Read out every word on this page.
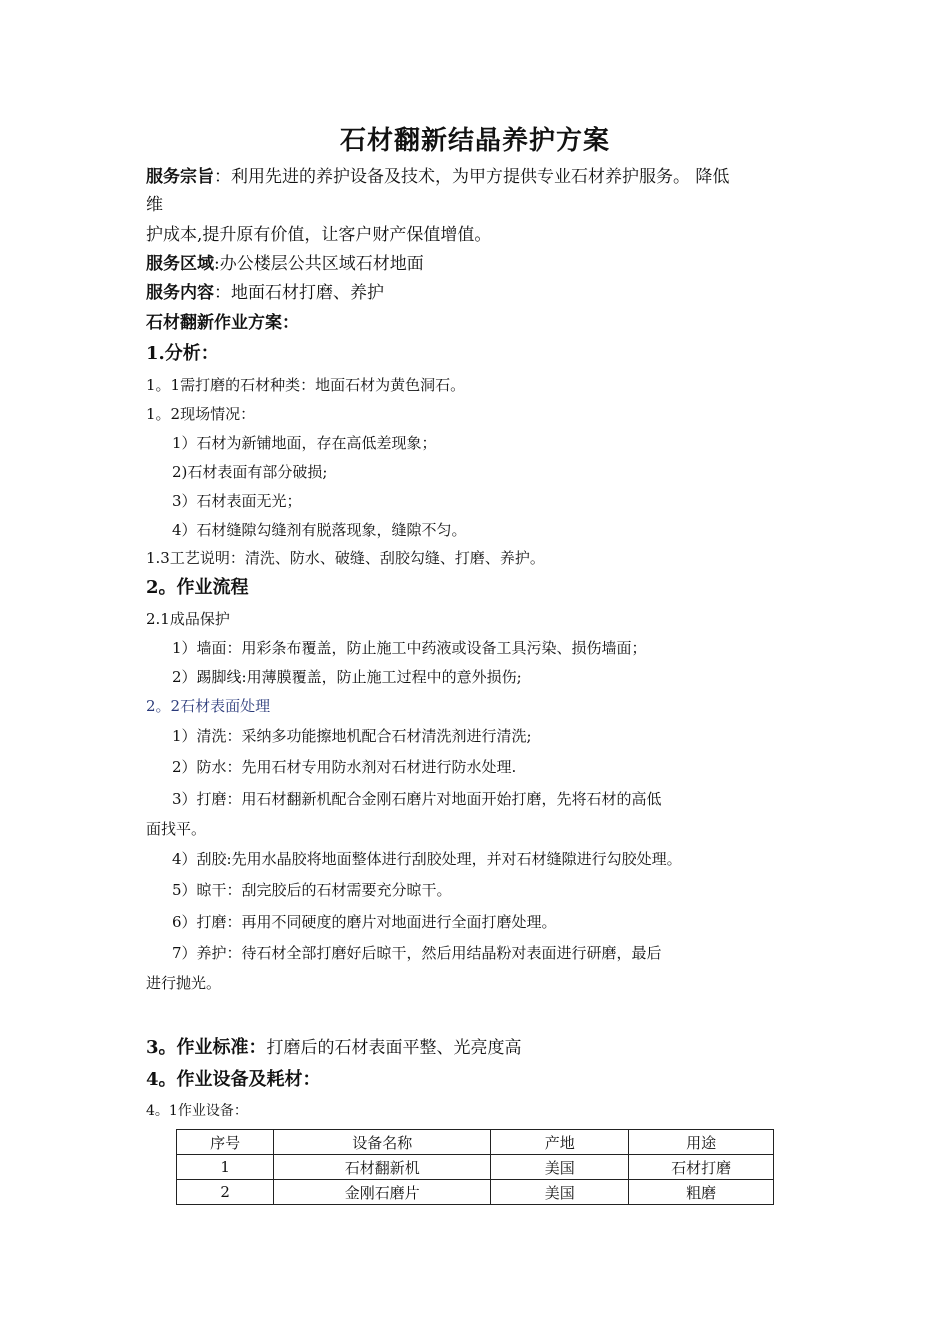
石材翻新结晶养护方案
服务宗旨：利用先进的养护设备及技术，为甲方提供专业石材养护服务。 降低
维
护成本,提升原有价值，让客户财产保值增值。
服务区域:办公楼层公共区域石材地面
服务内容：地面石材打磨、养护
石材翻新作业方案：
1.分析：
1。1需打磨的石材种类：地面石材为黄色洞石。
1。2现场情况：
1）石材为新铺地面，存在高低差现象；
2)石材表面有部分破损;
3）石材表面无光；
4）石材缝隙勾缝剂有脱落现象，缝隙不匀。
1.3工艺说明：清洗、防水、破缝、刮胶勾缝、打磨、养护。
2。作业流程
2.1成品保护
1）墙面：用彩条布覆盖，防止施工中药液或设备工具污染、损伤墙面；
2）踢脚线:用薄膜覆盖，防止施工过程中的意外损伤;
2。2石材表面处理
1）清洗：采纳多功能擦地机配合石材清洗剂进行清洗;
2）防水：先用石材专用防水剂对石材进行防水处理.
3）打磨：用石材翻新机配合金刚石磨片对地面开始打磨，先将石材的高低
面找平。
4）刮胶:先用水晶胶将地面整体进行刮胶处理，并对石材缝隙进行勾胶处理。
5）晾干：刮完胶后的石材需要充分晾干。
6）打磨：再用不同硬度的磨片对地面进行全面打磨处理。
7）养护：待石材全部打磨好后晾干，然后用结晶粉对表面进行研磨，最后
进行抛光。
3。作业标准：打磨后的石材表面平整、光亮度高
4。作业设备及耗材：
4。1作业设备：
序号	设备名称	产地	用途
1	石材翻新机	美国	石材打磨
2	金刚石磨片	美国	粗磨
